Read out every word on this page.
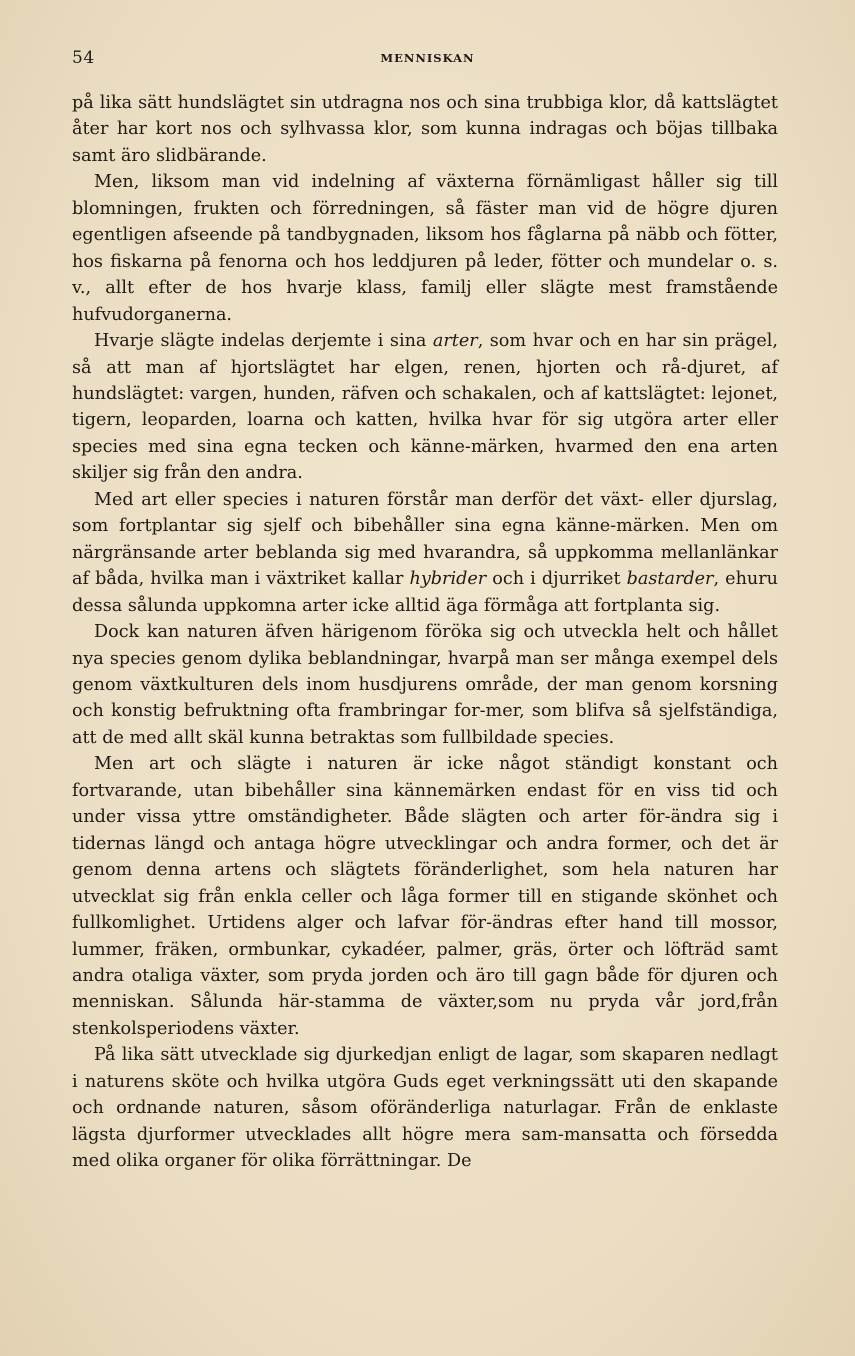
54	MENNISKAN

på lika sätt hundslägtet sin utdragna nos och sina trubbiga klor, då kattslägtet åter har kort nos och sylhvassa klor, som kunna indragas och böjas tillbaka samt äro slidbärande.

Men, liksom man vid indelning af växterna förnämligast håller sig till blomningen, frukten och förredningen, så fäster man vid de högre djuren egentligen afseende på tandbygnaden, liksom hos fåglarna på näbb och fötter, hos fiskarna på fenorna och hos leddjuren på leder, fötter och mundelar o. s. v., allt efter de hos hvarje klass, familj eller slägte mest framstående hufvudorganerna.

Hvarje slägte indelas derjemte i sina arter, som hvar och en har sin prägel, så att man af hjortslägtet har elgen, renen, hjorten och rå-djuret, af hundslägtet: vargen, hunden, räfven och schakalen, och af kattslägtet: lejonet, tigern, leoparden, loarna och katten, hvilka hvar för sig utgöra arter eller species med sina egna tecken och känne-märken, hvarmed den ena arten skiljer sig från den andra.

Med art eller species i naturen förstår man derför det växt- eller djurslag, som fortplantar sig sjelf och bibehåller sina egna känne-märken. Men om närgränsande arter beblanda sig med hvarandra, så uppkomma mellanlänkar af båda, hvilka man i växtriket kallar hybrider och i djurriket bastarder, ehuru dessa sålunda uppkomna arter icke alltid äga förmåga att fortplanta sig.

Dock kan naturen äfven härigenom föröka sig och utveckla helt och hållet nya species genom dylika beblandningar, hvarpå man ser många exempel dels genom växtkulturen dels inom husdjurens område, der man genom korsning och konstig befruktning ofta frambringar for-mer, som blifva så sjelfständiga, att de med allt skäl kunna betraktas som fullbildade species.

Men art och slägte i naturen är icke något ständigt konstant och fortvarande, utan bibehåller sina kännemärken endast för en viss tid och under vissa yttre omständigheter. Både slägten och arter för-ändra sig i tidernas längd och antaga högre utvecklingar och andra former, och det är genom denna artens och slägtets föränderlighet, som hela naturen har utvecklat sig från enkla celler och låga former till en stigande skönhet och fullkomlighet. Urtidens alger och lafvar för-ändras efter hand till mossor, lummer, fräken, ormbunkar, cykadéer, palmer, gräs, örter och löfträd samt andra otaliga växter, som pryda jorden och äro till gagn både för djuren och menniskan. Sålunda här-stamma de växter,som nu pryda vår jord,från stenkolsperiodens växter.

På lika sätt utvecklade sig djurkedjan enligt de lagar, som skaparen nedlagt i naturens sköte och hvilka utgöra Guds eget verkningssätt uti den skapande och ordnande naturen, såsom oföränderliga naturlagar. Från de enklaste lägsta djurformer utvecklades allt högre mera sam-mansatta och försedda med olika organer för olika förrättningar. De
